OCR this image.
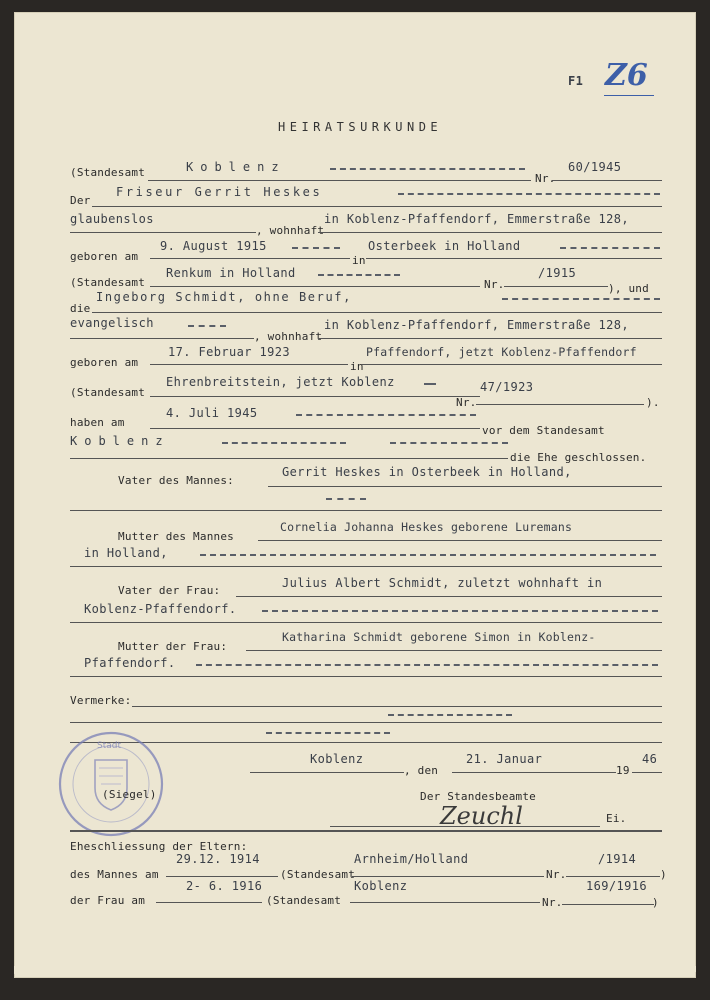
F1 Z6
HEIRATSURKUNDE
(Standesamt	Koblenz
Nr.
60/1945
Der
Friseur Gerrit Heskes
glaubenslos
, wohnhaft
in Koblenz-Pfaffendorf, Emmerstraße 128,
geboren am
9. August 1915
in
Osterbeek in Holland
(Standesamt
Renkum in Holland
Nr.
/1915
), und
die
Ingeborg Schmidt, ohne Beruf,
evangelisch
, wohnhaft
in Koblenz-Pfaffendorf, Emmerstraße 128,
geboren am
17. Februar 1923
in
Pfaffendorf, jetzt Koblenz-Pfaffendorf
(Standesamt
Ehrenbreitstein, jetzt Koblenz
Nr.
47/1923
).
haben am
4. Juli 1945
vor dem Standesamt
Koblenz
die Ehe geschlossen.
Vater des Mannes:
Gerrit Heskes in Osterbeek in Holland,
Mutter des Mannes
Cornelia Johanna Heskes geborene Luremans
in Holland,
Vater der Frau:
Julius Albert Schmidt, zuletzt wohnhaft in
Koblenz-Pfaffendorf.
Mutter der Frau:
Katharina Schmidt geborene Simon in Koblenz-
Pfaffendorf.
Vermerke:
Koblenz
, den
21. Januar
19
46
Stadt
(Siegel)	Der Standesbeamte
Zeuchl	Ei.
Eheschliessung der Eltern:
des Mannes am
29.12. 1914
(Standesamt
Arnheim/Holland
Nr.
/1914
)
der Frau am
2- 6. 1916
(Standesamt
Koblenz
Nr.
169/1916
)
